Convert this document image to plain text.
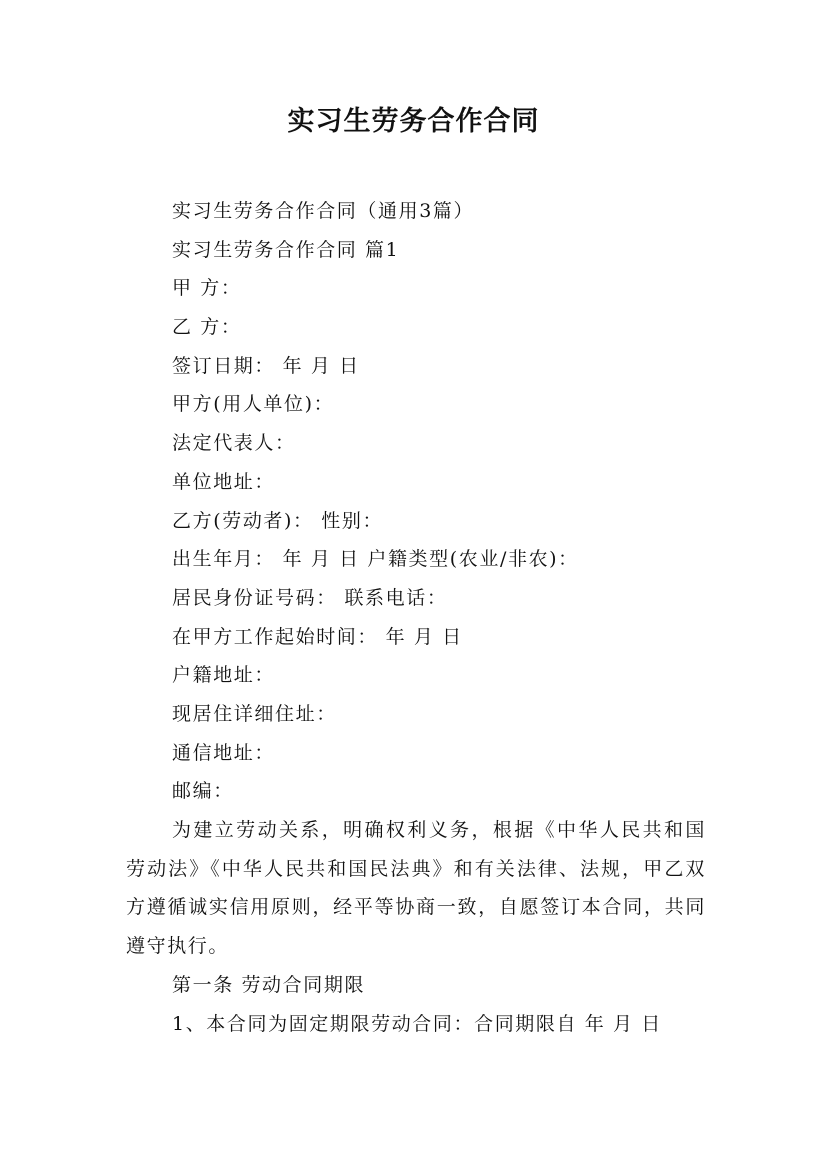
实习生劳务合作合同
实习生劳务合作合同（通用3篇）
实习生劳务合作合同 篇1
甲 方：
乙 方：
签订日期： 年 月 日
甲方(用人单位)：
法定代表人：
单位地址：
乙方(劳动者)： 性别：
出生年月： 年 月 日 户籍类型(农业/非农)：
居民身份证号码： 联系电话：
在甲方工作起始时间： 年 月 日
户籍地址：
现居住详细住址：
通信地址：
邮编：
为建立劳动关系，明确权利义务，根据《中华人民共和国劳动法》《中华人民共和国民法典》和有关法律、法规，甲乙双方遵循诚实信用原则，经平等协商一致，自愿签订本合同，共同遵守执行。
第一条 劳动合同期限
1、本合同为固定期限劳动合同：合同期限自 年 月 日
